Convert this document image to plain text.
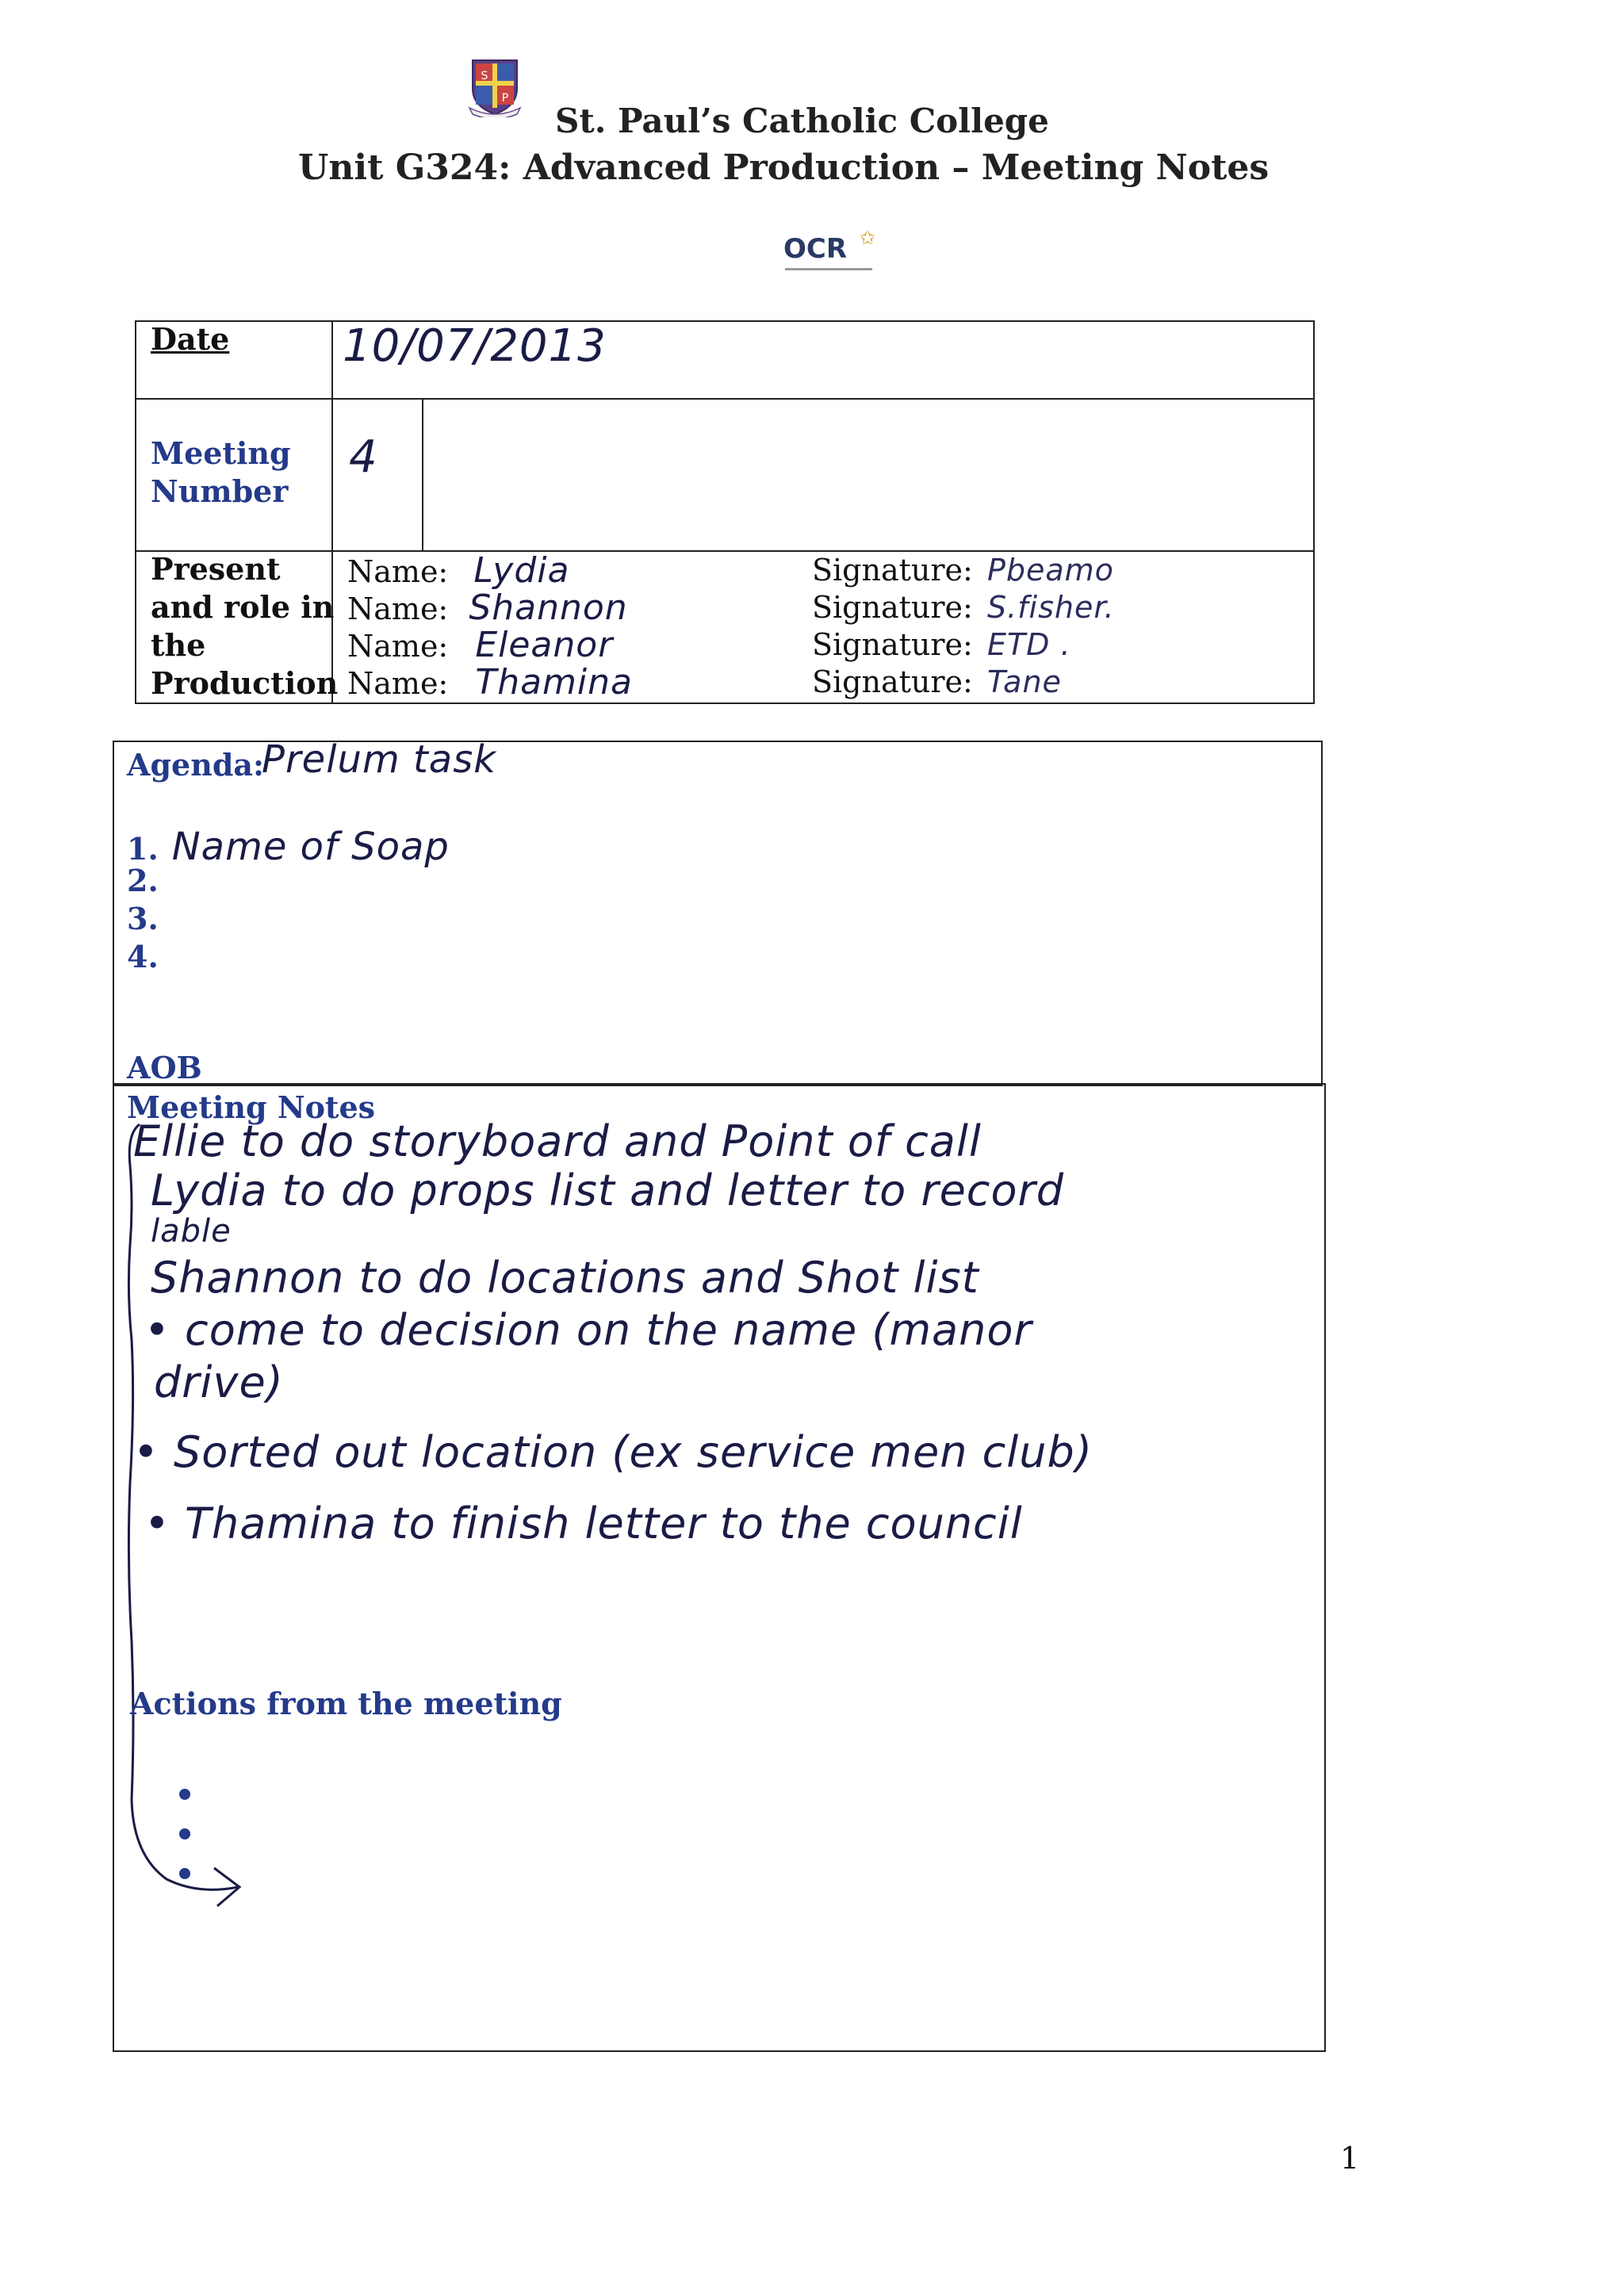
S
P
St. Paul’s Catholic College
Unit G324: Advanced Production – Meeting Notes
OCR ✩
Date	10/07/2013
Meeting
Number
4
Present
and role in
the
Production
Name: Lydia
Name: Shannon
Name: Eleanor
Name: Thamina
Signature: Pbeamo
Signature: S.fisher.
Signature: ETD .
Signature: Tane
Agenda:
Prelum task
1. Name of Soap
2.
3.
4.
AOB
Meeting Notes
Ellie to do storyboard and Point of call
Lydia to do props list and letter to record
lable
Shannon to do locations and Shot list
• come to decision on the name (manor
drive)
• Sorted out location (ex service men club)
• Thamina to finish letter to the council
Actions from the meeting
1
